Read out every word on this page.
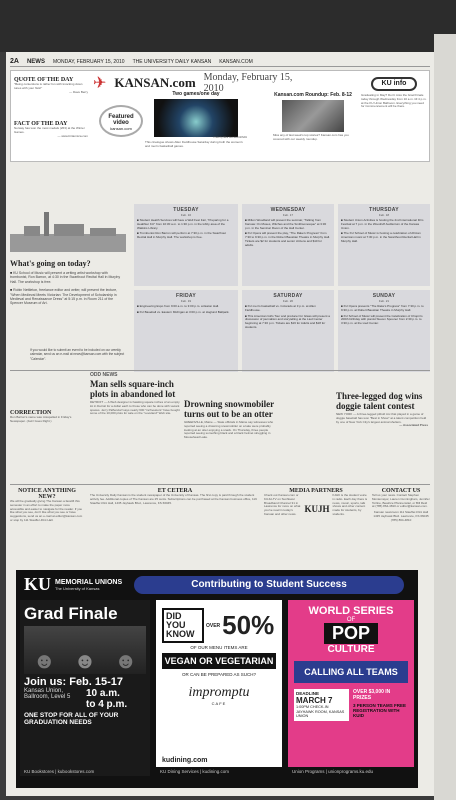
2A NEWS MONDAY, FEBRUARY 15, 2010 THE UNIVERSITY DAILY KANSAN KANSAN.COM
QUOTE OF THE DAY
"Being contentions is rather fun with knocking down tunes with your fists!"
— Dave Berry
FACT OF THE DAY
Norway has won the most medals (263) at the Winter Games.
— www.britannica.com
✈ KANSAN.com Monday, February 15, 2010
Featured video
kansan.com
Two games/one day
Photo by Mike Gunnoe/KANSAN
This cinelogue shows Allen Fieldhouse Saturday during both the women's and men's basketball games.
Kansan.com Roundup: Feb. 8-12
Miss any of last week's top stories? Kansan.com has you covered with our weekly roundup.
KU info
Graduating in May? Don't miss the Grad Finale today through Wednesday from 10 a.m. till 4 p.m. at the KU Union Ballroom. Everything you need for Commencement will be there.
What's going on today?

■ KU School of Music will present a writing artist workshop with trombonist, Ron Barron, at 4:30 in the Swarthout Recital Hall in Murphy Hall. The workshop is free.

■ Robin Nettleton, freelance editor and writer, will present the lecture, "When Medieval Meets Victorian: The Development of Scholarship in Medieval and Renaissance Dress" at 5:15 p.m. in Room 211 of the Spencer Museum of Art.

TUESDAY
Feb. 16

■ Student Health Services will have a Well Fest Fair, "Preparing for a Healthier KU" from 10:30 a.m. to 1:30 p.m. in the lobby area of the Watkins Library.

■ Trombonist Ron Barron will perform at 7:30 p.m. in the Swarthout Recital Hall in Murphy Hall. The workshop is free.

WEDNESDAY
Feb. 17

■ Milton Woodland will present the seminar, "Talking from Kansas: On Moses, Witches and the Smithsonesque" at 3:30 p.m. in the Seminar Room of the Hall Center.

■ KU Opera will present the play, "The Rake's Progress" from 7:30 to 9:30 p.m. in the Robert Baustian Theatre in Murphy Hall. Tickets are $2 for students and senior citizens and $10 for adults.

THURSDAY
Feb. 18

■ Student Union Activities is hosting the 2nd International Film Festival at 7 p.m. in the Woodruff Auditorium of the Kansas Union.

■ The KU School of Music is hosting a celebration of African American music at 7:30 p.m. in the Swarthout Recital Hall in Murphy Hall.

FRIDAY
Feb. 19

■ Engineering Expo from 9:00 a.m. to 3:00 p.m. at Eaton Hall.

■ KU Baseball vs. Eastern Michigan at 3:00 p.m. at Hoglund Ballpark.

SATURDAY
Feb. 20

■ KU men's basketball vs. Colorado at 3 p.m. at Allen Fieldhouse.

■ This American Girls Tour and producer for Glass will present a discussion of journalism and storytelling at the Lied Center beginning at 7:30 p.m. Tickets are $16 for Adults and $18 for students.

SUNDAY
Feb. 21

■ KU Opera presents "The Rake's Progress" from 7:30 p.m. to 9:30 p.m. at Robert Baustian Theatre in Murphy Hall.

■ KU School of Music will present the Celebration of Chopin's 200th birthday with pianist Steven Spooner from 2:30 p.m. to 3:30 p.m. at the Lied Center.

If you would like to submit an event to be included on our weekly calendar, send us an e-mail at news@kansan.com with the subject "Calendar".
CORRECTION
Ron Barron's name was misspelled in Friday's Newspaper. (Jazz Goes Right.)
ODD NEWS
Man sells square-inch plots in abandoned lot
DETROIT — A Web designer is hawking square inches of an empty lot in Detroit for a dollar each to those who can be done with vacant spaces. Jerry Paffendorf says nearly 600 "inchvestors" have bought some of the 10,000 plots for sale on the "Loveland" Web site.
Drowning snowmobiler turns out to be an otter
GREENVILLE, Maine — State officials in Maine say witnesses who reported seeing a drowning snowmobiler on a lake were probably looking at an otter enjoying a snack. On Thursday, three people reported seeing something black and a black helmet struggling in Moosehead Lake.
Three-legged dog wins doggie talent contest
NEW YORK — A three-legged pitbull mix that played in a game of doggie baseball has won "Best in Show" at a talent competition held by one of New York City's largest animal shelters.
— Associated Press
NOTICE ANYTHING NEW?
We will be gradually giving The Kansan a facelift this semester in an effort to make the paper more accessible and easier to navigate for the reader. If you like what you see, don't like what you see or have suggestions, send us an e-mail at editor@kansan.com or stop by 111 Stauffer-Flint Hall.
ET CETERA
The University Daily Kansan is the student newspaper of the University of Kansas. The first copy is paid through the student activity fee. Additional copies of The Kansan are 25 cents. Subscriptions can be purchased at the Kansan business office, 119 Stauffer-Flint Hall, 1435 Jayhawk Blvd., Lawrence, KS 66045.
MEDIA PARTNERS
Check out Kansan.com or KUJH-TV on Sunflower Broadband Channel 31 in Lawrence for more on what you've read in today's Kansan and other news. KUJH
KJHK is the student voice in radio. Each day there is news, music, sports, talk shows and other content made for students, by students.
CONTACT US
Tell us your news. Contact Stephen Montemayor, Lauren Cunningham, Jennifer Torline, Beatrice Pfannenstiel, or Bill Reid at (785) 864-4810 or editor@kansan.com.
Kansan newsroom 111 Stauffer-Flint Hall 1435 Jayhawk Blvd. Lawrence, KS 66045 (785) 864-4810
KU MEMORIAL UNIONS
The University of Kansas	Contributing to Student Success
Grad Finale
☻ ☻ ☻
Join us: Feb. 15-17
Kansas Union, Ballroom, Level 5	10 a.m.
to 4 p.m.
ONE STOP FOR ALL OF YOUR GRADUATION NEEDS
KU Bookstores | kubookstores.com
DID YOU KNOW
OVER 50%
OF OUR MENU ITEMS ARE
VEGAN OR VEGETARIAN
OR CAN BE PREPARED AS SUCH?
impromptu
CAFE
kudining.com
KU Dining Services | kudining.com
WORLD SERIES
OF
POP
CULTURE
CALLING ALL TEAMS
DEADLINE
MARCH 7
1:00PM CHECK-IN JAYHAWK ROOM, KANSAS UNION
OVER $3,000 IN PRIZES
3 PERSON TEAMS FREE REGISTRATION WITH KUID
Union Programs | unionprograms.ku.edu
